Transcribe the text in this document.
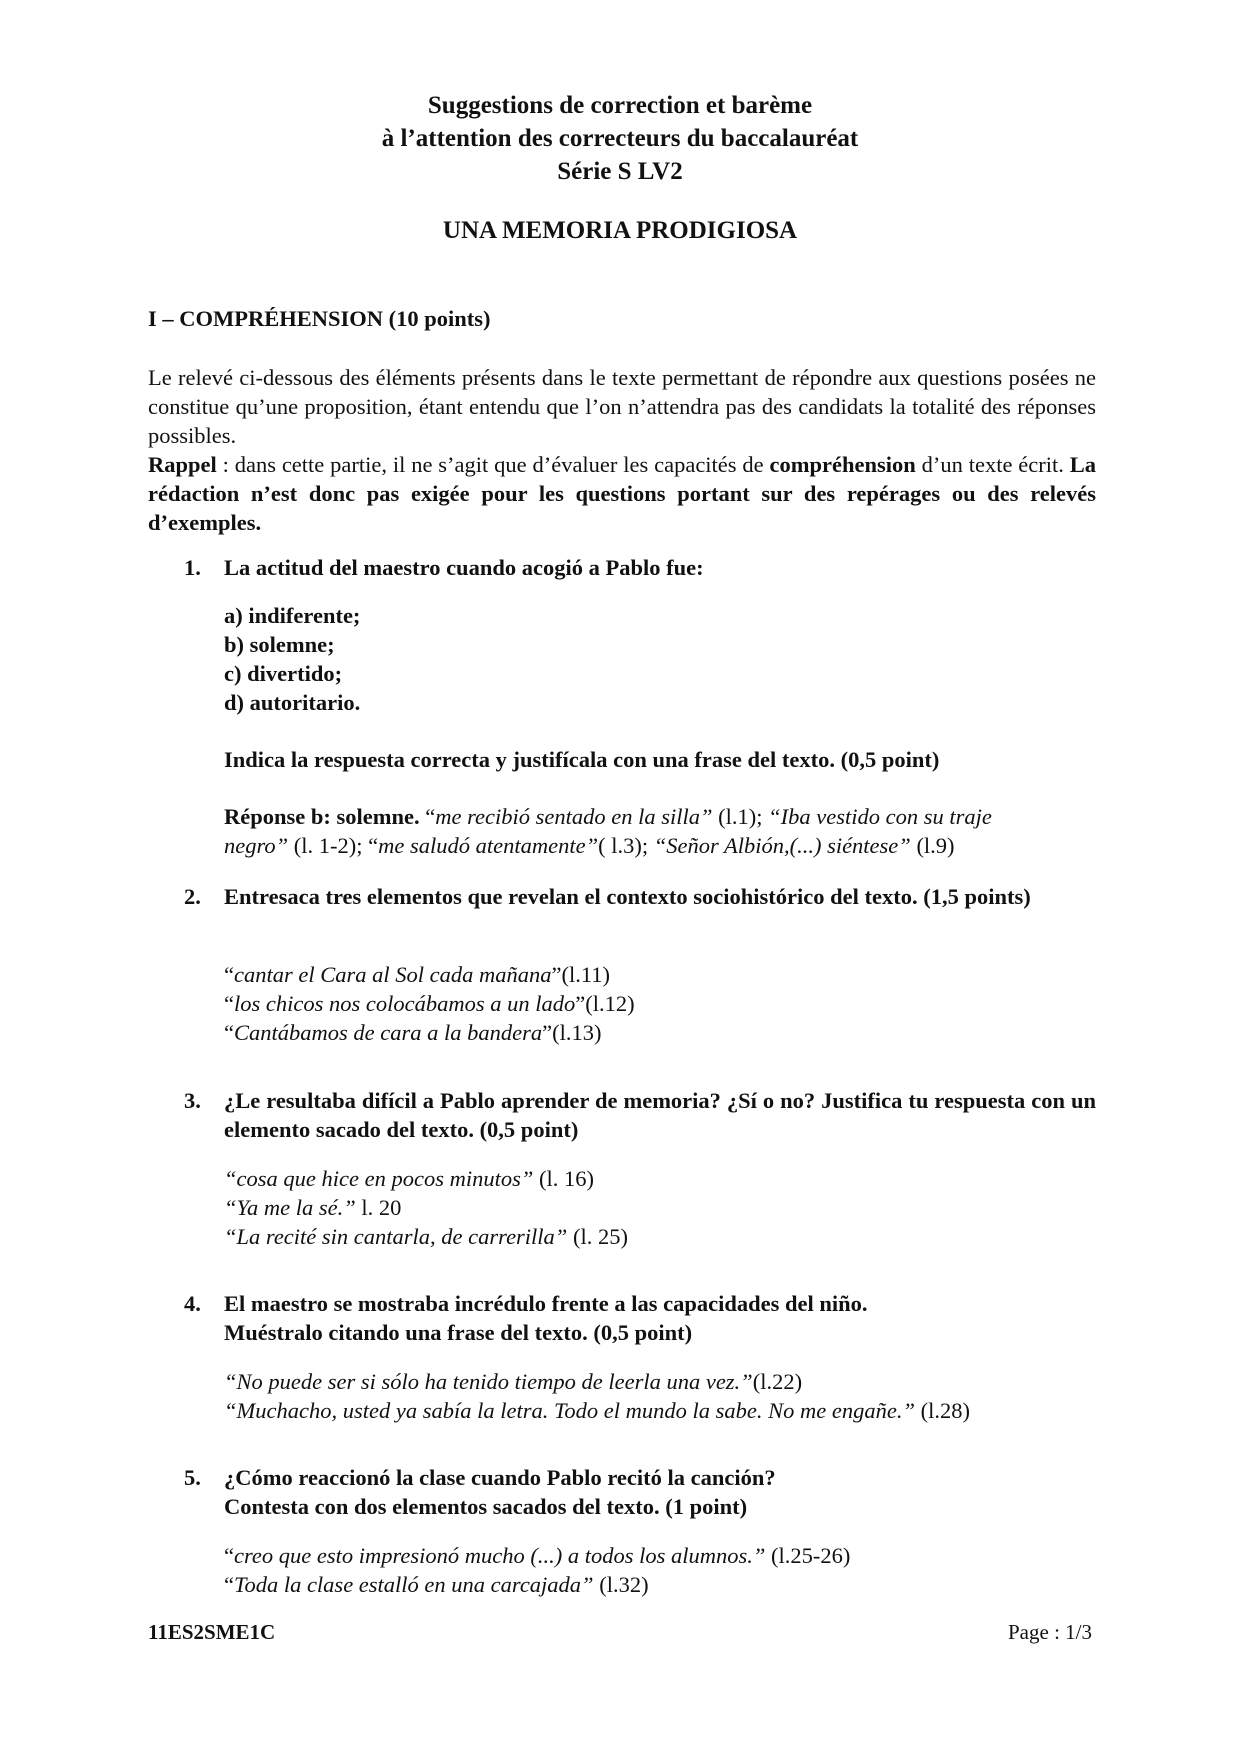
Suggestions de correction et barème
à l’attention des correcteurs du baccalauréat
Série S LV2
UNA MEMORIA PRODIGIOSA
I – COMPRÉHENSION (10 points)

Le relevé ci-dessous des éléments présents dans le texte permettant de répondre aux questions posées ne constitue qu’une proposition, étant entendu que l’on n’attendra pas des candidats la totalité des réponses possibles.

Rappel : dans cette partie, il ne s’agit que d’évaluer les capacités de compréhension d’un texte écrit. La rédaction n’est donc pas exigée pour les questions portant sur des repérages ou des relevés d’exemples.

1. La actitud del maestro cuando acogió a Pablo fue:
a) indiferente;
b) solemne;
c) divertido;
d) autoritario.
Indica la respuesta correcta y justifícala con una frase del texto. (0,5 point)
Réponse b: solemne. “me recibió sentado en la silla” (l.1); “Iba vestido con su traje
negro” (l. 1-2); “me saludó atentamente”( l.3); “Señor Albión,(...) siéntese” (l.9)
2. Entresaca tres elementos que revelan el contexto sociohistórico del texto. (1,5 points)
“cantar el Cara al Sol cada mañana”(l.11)
“los chicos nos colocábamos a un lado”(l.12)
“Cantábamos de cara a la bandera”(l.13)
3. ¿Le resultaba difícil a Pablo aprender de memoria? ¿Sí o no? Justifica tu respuesta con un elemento sacado del texto. (0,5 point)
“cosa que hice en pocos minutos” (l. 16)
“Ya me la sé.” l. 20
“La recité sin cantarla, de carrerilla” (l. 25)
4. El maestro se mostraba incrédulo frente a las capacidades del niño.
Muéstralo citando una frase del texto. (0,5 point)
“No puede ser si sólo ha tenido tiempo de leerla una vez.”(l.22)
“Muchacho, usted ya sabía la letra. Todo el mundo la sabe. No me engañe.” (l.28)
5. ¿Cómo reaccionó la clase cuando Pablo recitó la canción?
Contesta con dos elementos sacados del texto. (1 point)
“creo que esto impresionó mucho (...) a todos los alumnos.” (l.25-26)
“Toda la clase estalló en una carcajada” (l.32)
11ES2SME1C	Page : 1/3
